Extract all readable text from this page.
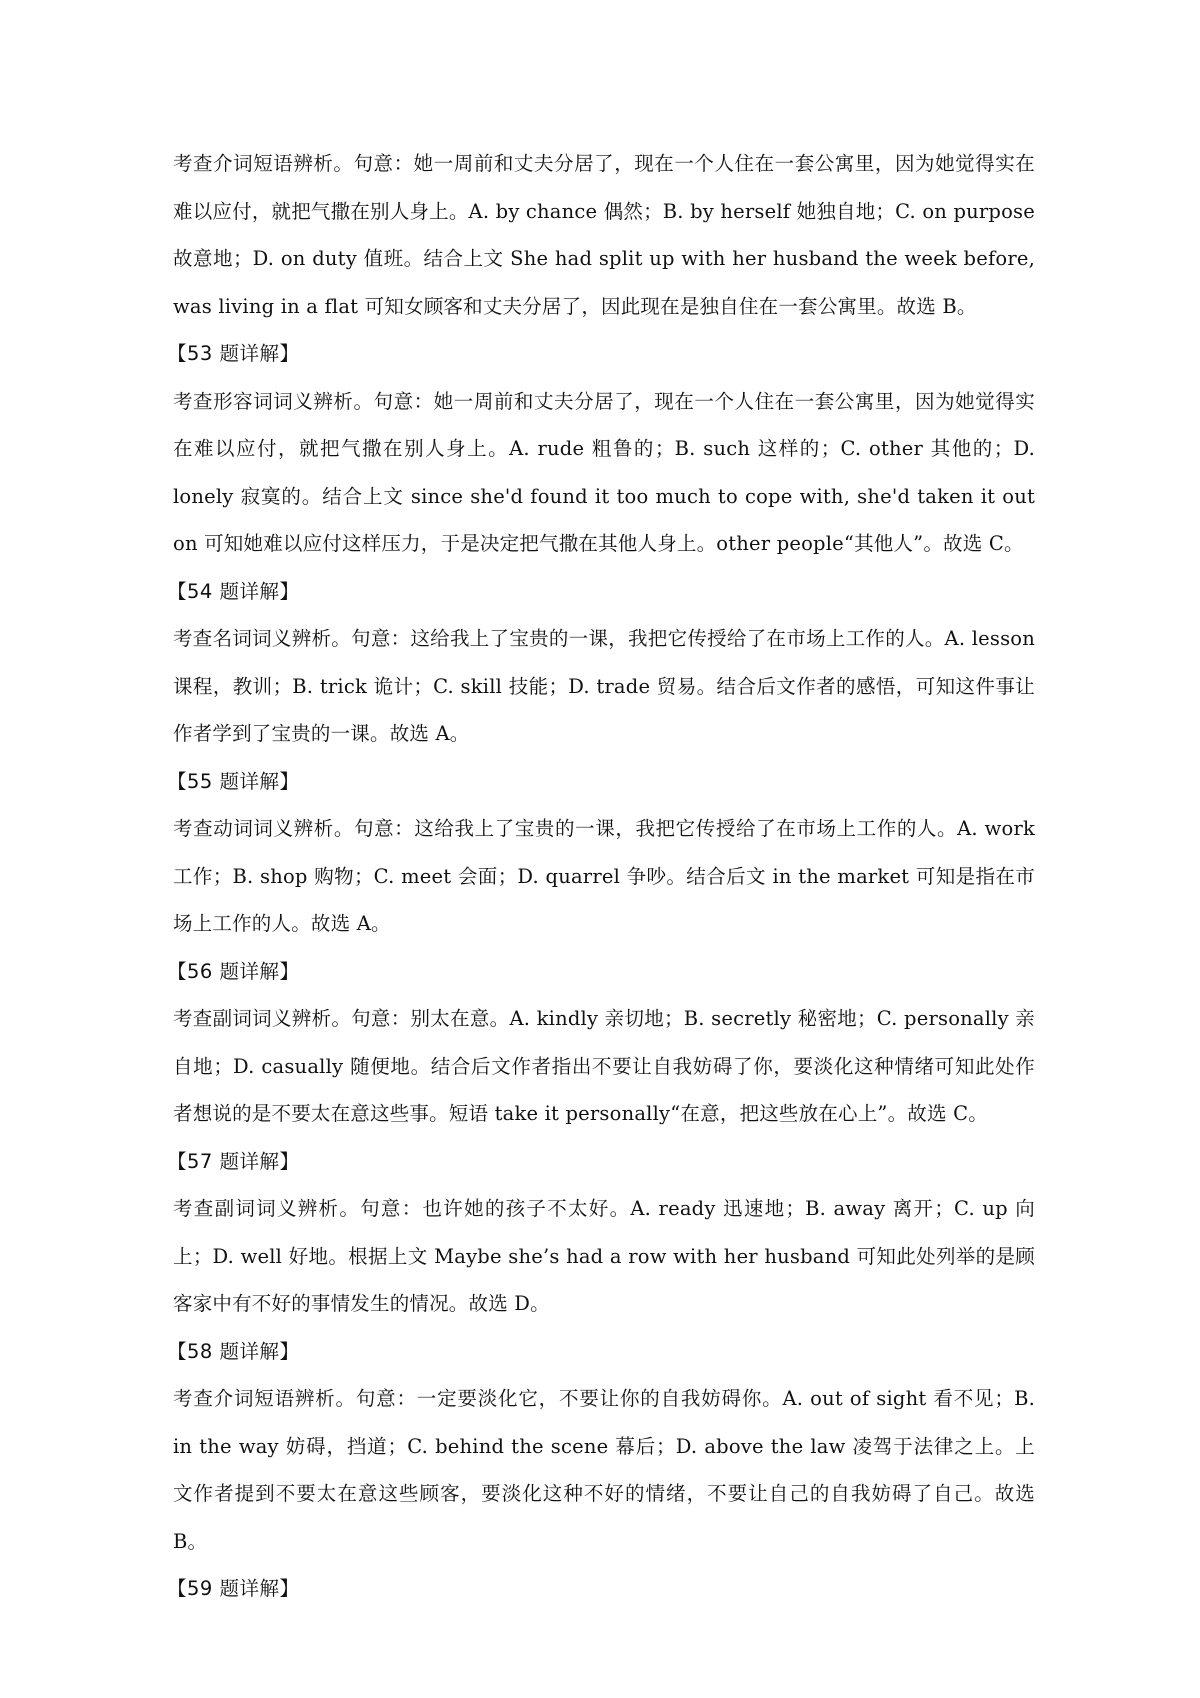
考查介词短语辨析。句意：她一周前和丈夫分居了，现在一个人住在一套公寓里，因为她觉得实在难以应付，就把气撒在别人身上。A. by chance 偶然；B. by herself 她独自地；C. on purpose 故意地；D. on duty 值班。结合上文 She had split up with her husband the week before, was living in a flat 可知女顾客和丈夫分居了，因此现在是独自住在一套公寓里。故选 B。

【53 题详解】

考查形容词词义辨析。句意：她一周前和丈夫分居了，现在一个人住在一套公寓里，因为她觉得实在难以应付，就把气撒在别人身上。A. rude 粗鲁的；B. such 这样的；C. other 其他的；D. lonely 寂寞的。结合上文 since she'd found it too much to cope with, she'd taken it out on 可知她难以应付这样压力，于是决定把气撒在其他人身上。other people“其他人”。故选 C。

【54 题详解】

考查名词词义辨析。句意：这给我上了宝贵的一课，我把它传授给了在市场上工作的人。A. lesson 课程，教训；B. trick 诡计；C. skill 技能；D. trade 贸易。结合后文作者的感悟，可知这件事让作者学到了宝贵的一课。故选 A。

【55 题详解】

考查动词词义辨析。句意：这给我上了宝贵的一课，我把它传授给了在市场上工作的人。A. work 工作；B. shop 购物；C. meet 会面；D. quarrel 争吵。结合后文 in the market 可知是指在市场上工作的人。故选 A。

【56 题详解】

考查副词词义辨析。句意：别太在意。A. kindly 亲切地；B. secretly 秘密地；C. personally 亲自地；D. casually 随便地。结合后文作者指出不要让自我妨碍了你，要淡化这种情绪可知此处作者想说的是不要太在意这些事。短语 take it personally“在意，把这些放在心上”。故选 C。

【57 题详解】

考查副词词义辨析。句意：也许她的孩子不太好。A. ready 迅速地；B. away 离开；C. up 向上；D. well 好地。根据上文 Maybe she’s had a row with her husband 可知此处列举的是顾客家中有不好的事情发生的情况。故选 D。

【58 题详解】

考查介词短语辨析。句意：一定要淡化它，不要让你的自我妨碍你。A. out of sight 看不见；B. in the way 妨碍，挡道；C. behind the scene 幕后；D. above the law 凌驾于法律之上。上文作者提到不要太在意这些顾客，要淡化这种不好的情绪，不要让自己的自我妨碍了自己。故选 B。

【59 题详解】
